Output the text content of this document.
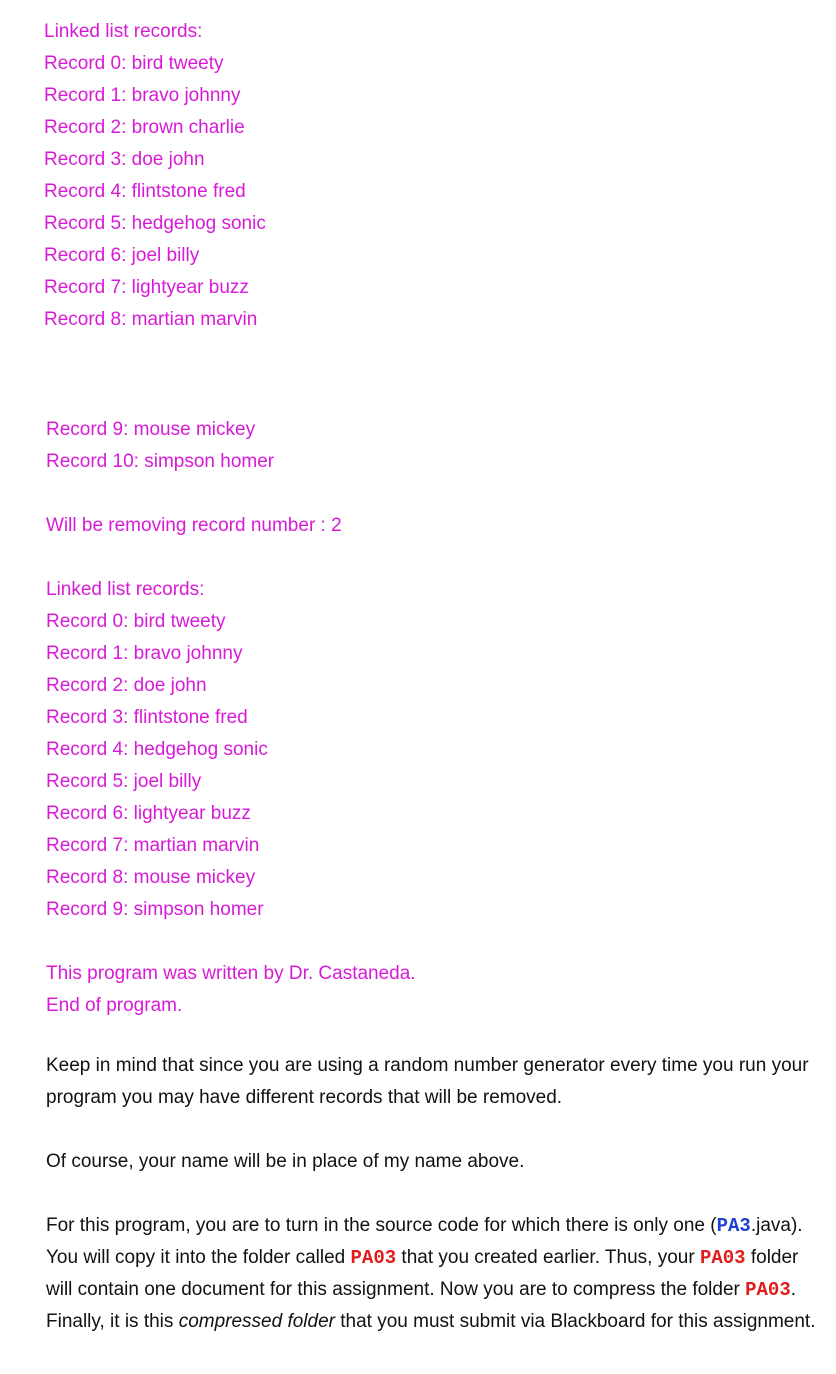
Linked list records:
Record 0: bird tweety
Record 1: bravo johnny
Record 2: brown charlie
Record 3: doe john
Record 4: flintstone fred
Record 5: hedgehog sonic
Record 6: joel billy
Record 7: lightyear buzz
Record 8: martian marvin
Record 9: mouse mickey
Record 10: simpson homer
Will be removing record number : 2
Linked list records:
Record 0: bird tweety
Record 1: bravo johnny
Record 2: doe john
Record 3: flintstone fred
Record 4: hedgehog sonic
Record 5: joel billy
Record 6: lightyear buzz
Record 7: martian marvin
Record 8: mouse mickey
Record 9: simpson homer
This program was written by Dr. Castaneda.
End of program.

Keep in mind that since you are using a random number generator every time you run your program you may have different records that will be removed.

Of course, your name will be in place of my name above.

For this program, you are to turn in the source code for which there is only one (PA3.java). You will copy it into the folder called PA03 that you created earlier. Thus, your PA03 folder will contain one document for this assignment. Now you are to compress the folder PA03. Finally, it is this compressed folder that you must submit via Blackboard for this assignment.
